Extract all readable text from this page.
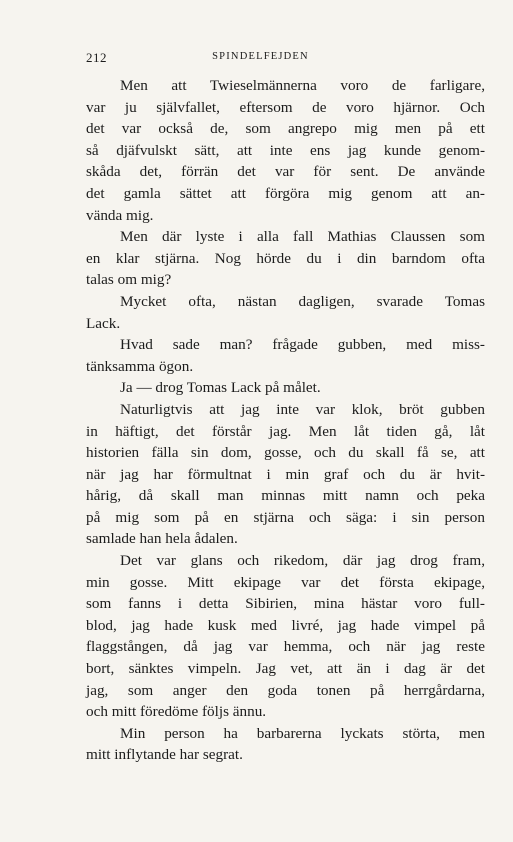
212	SPINDELFEJDEN
Men att Twieselmännerna voro de farligare,
var ju självfallet, eftersom de voro hjärnor. Och
det var också de, som angrepo mig men på ett
så djäfvulskt sätt, att inte ens jag kunde genom-
skåda det, förrän det var för sent. De använde
det gamla sättet att förgöra mig genom att an-
vända mig.
Men där lyste i alla fall Mathias Claussen som
en klar stjärna. Nog hörde du i din barndom ofta
talas om mig?
Mycket ofta, nästan dagligen, svarade Tomas
Lack.
Hvad sade man? frågade gubben, med miss-
tänksamma ögon.
Ja — drog Tomas Lack på målet.
Naturligtvis att jag inte var klok, bröt gubben
in häftigt, det förstår jag. Men låt tiden gå, låt
historien fälla sin dom, gosse, och du skall få se, att
när jag har förmultnat i min graf och du är hvit-
hårig, då skall man minnas mitt namn och peka
på mig som på en stjärna och säga: i sin person
samlade han hela ådalen.
Det var glans och rikedom, där jag drog fram,
min gosse. Mitt ekipage var det första ekipage,
som fanns i detta Sibirien, mina hästar voro full-
blod, jag hade kusk med livré, jag hade vimpel på
flaggstången, då jag var hemma, och när jag reste
bort, sänktes vimpeln. Jag vet, att än i dag är det
jag, som anger den goda tonen på herrgårdarna,
och mitt föredöme följs ännu.
Min person ha barbarerna lyckats störta, men
mitt inflytande har segrat.
